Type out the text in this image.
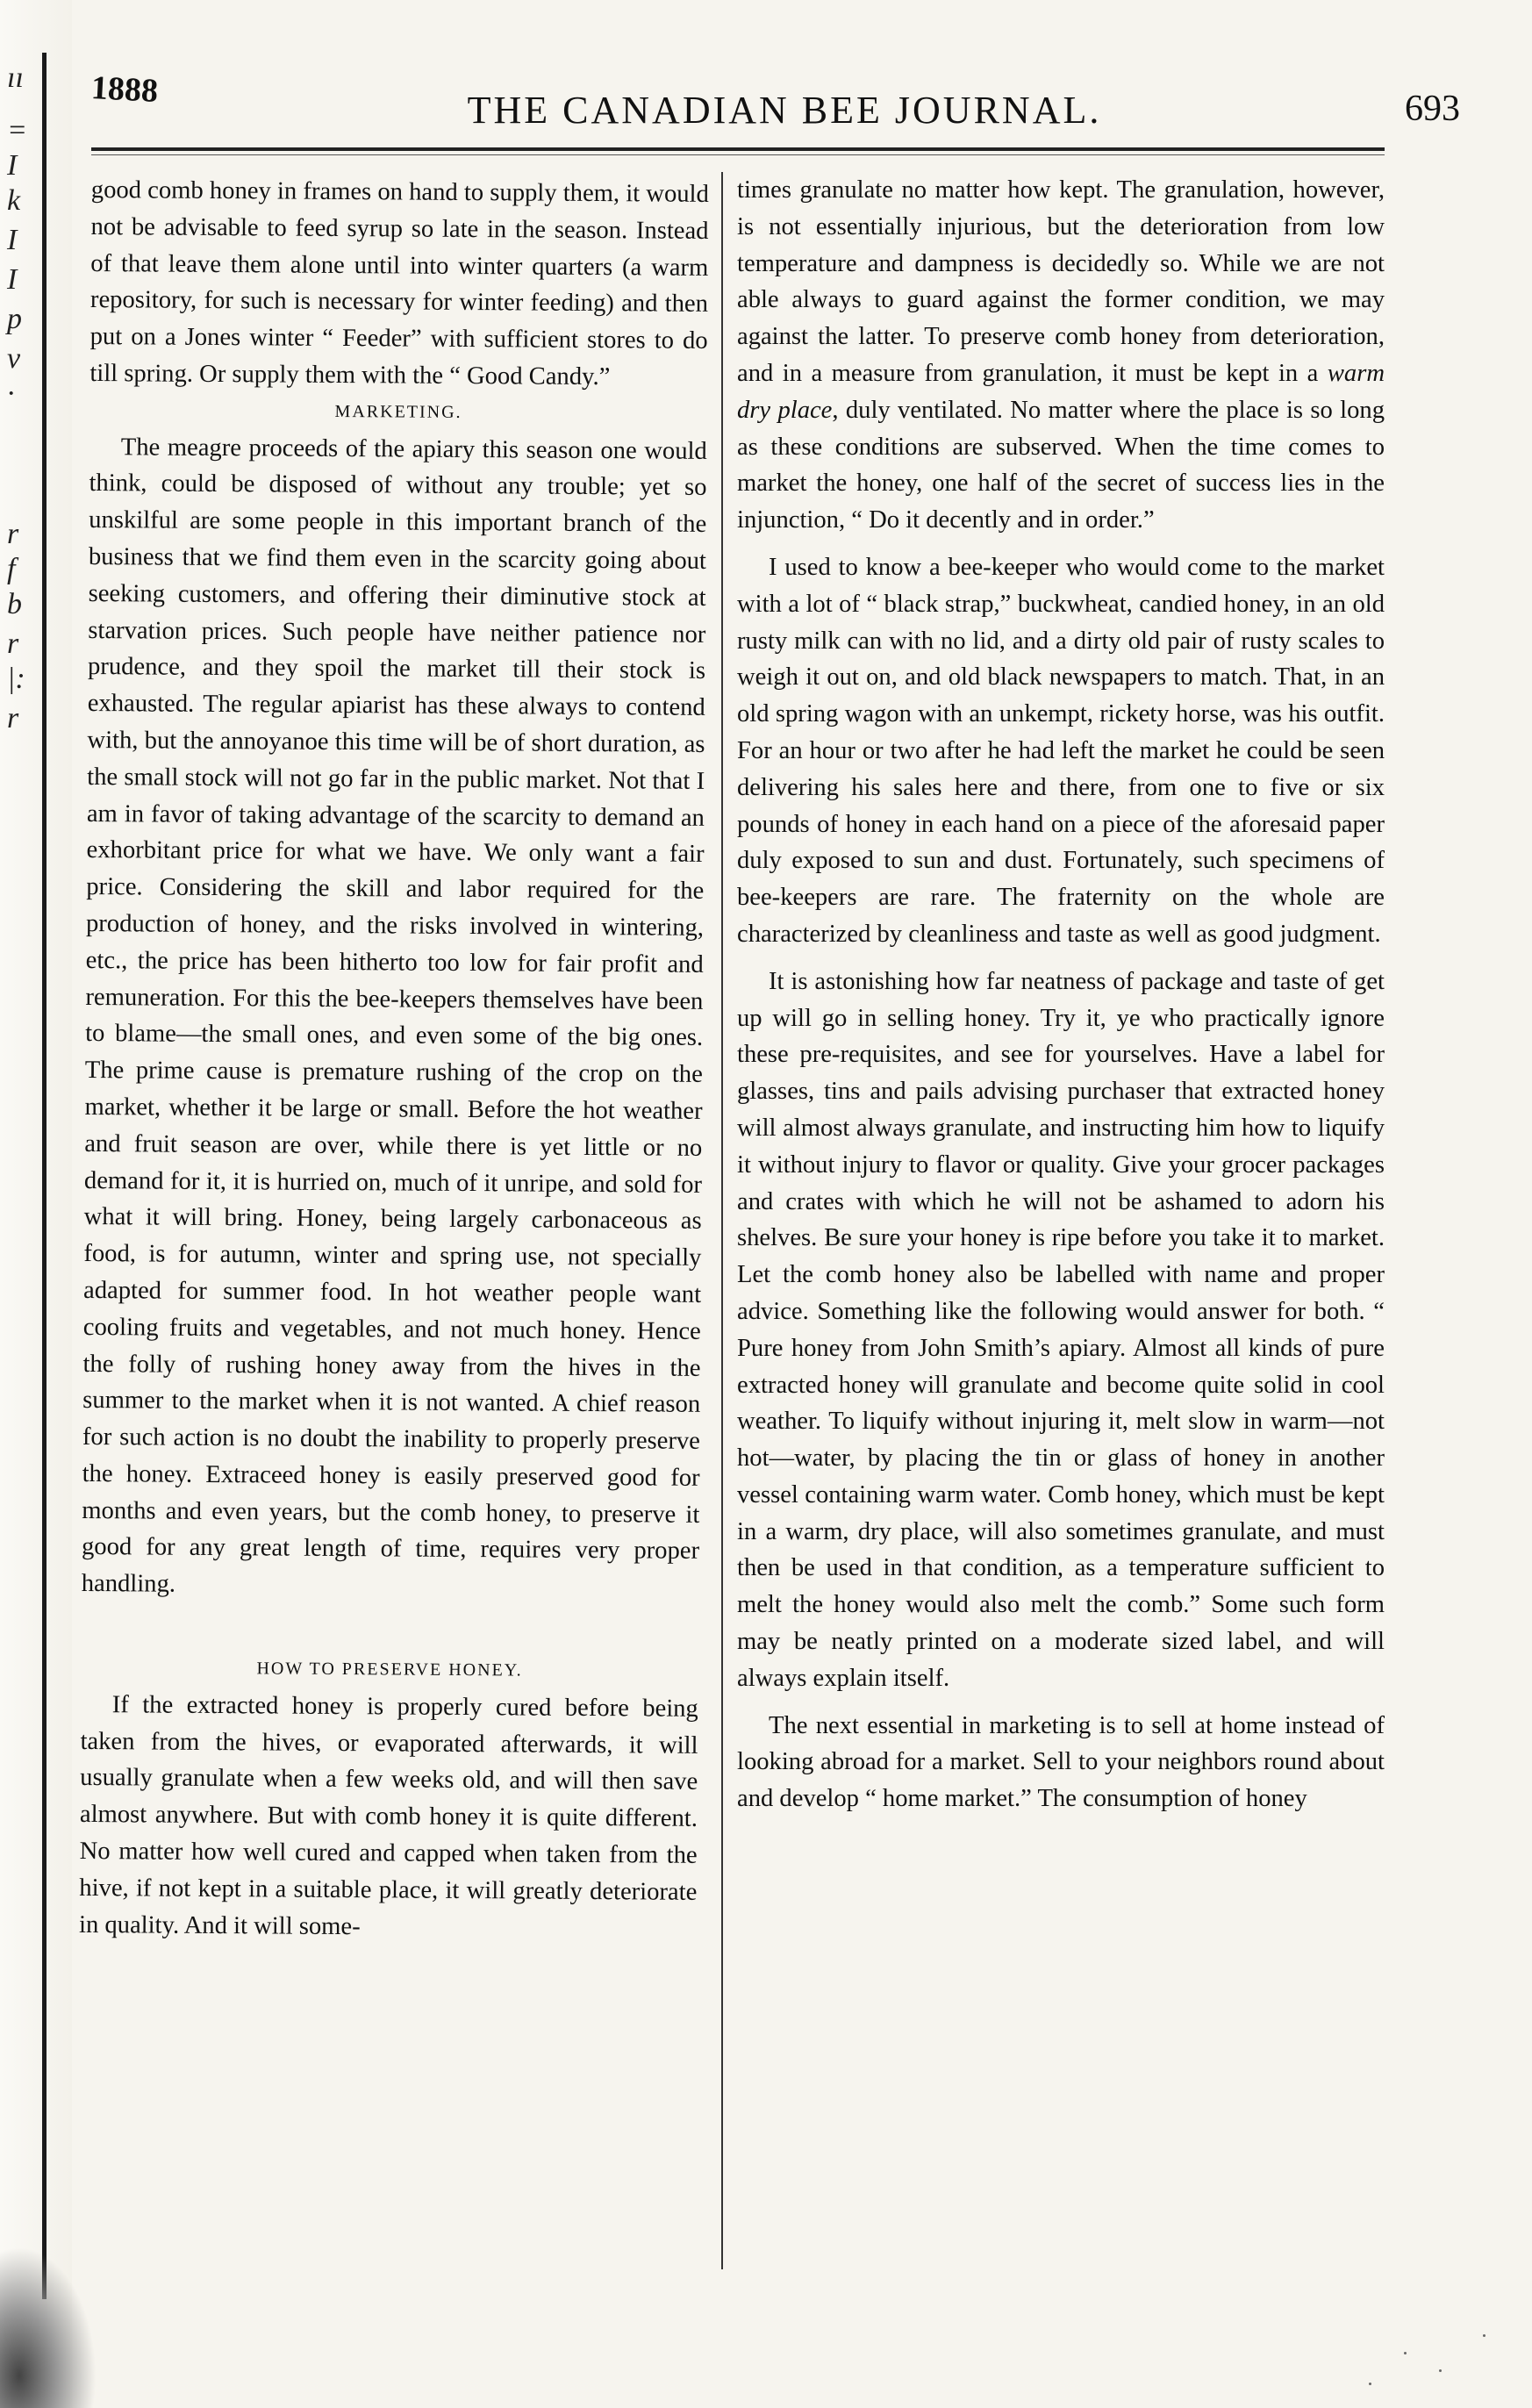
ıı
=
I
k
I
I
p
v
·
r
f
b
r
|:
r
1888	THE CANADIAN BEE JOURNAL.	693

good comb honey in frames on hand to supply them, it would not be advisable to feed syrup so late in the season. Instead of that leave them alone until into winter quarters (a warm repository, for such is necessary for winter feeding) and then put on a Jones winter “ Feeder” with sufficient stores to do till spring. Or supply them with the “ Good Candy.”

MARKETING.

The meagre proceeds of the apiary this season one would think, could be disposed of without any trouble; yet so unskilful are some people in this important branch of the business that we find them even in the scarcity going about seeking customers, and offering their diminutive stock at starvation prices. Such people have neither patience nor prudence, and they spoil the market till their stock is exhausted. The regular apiarist has these always to contend with, but the annoyanoe this time will be of short duration, as the small stock will not go far in the public market. Not that I am in favor of taking advantage of the scarcity to demand an exhorbitant price for what we have. We only want a fair price. Considering the skill and labor required for the production of honey, and the risks involved in wintering, etc., the price has been hitherto too low for fair profit and remuneration. For this the bee-keepers themselves have been to blame—the small ones, and even some of the big ones. The prime cause is premature rushing of the crop on the market, whether it be large or small. Before the hot weather and fruit season are over, while there is yet little or no demand for it, it is hurried on, much of it unripe, and sold for what it will bring. Honey, being largely carbonaceous as food, is for autumn, winter and spring use, not specially adapted for summer food. In hot weather people want cooling fruits and vegetables, and not much honey. Hence the folly of rushing honey away from the hives in the summer to the market when it is not wanted. A chief reason for such action is no doubt the inability to properly preserve the honey. Extraceed honey is easily preserved good for months and even years, but the comb honey, to preserve it good for any great length of time, requires very proper handling.

HOW TO PRESERVE HONEY.

If the extracted honey is properly cured before being taken from the hives, or evaporated afterwards, it will usually granulate when a few weeks old, and will then save almost anywhere. But with comb honey it is quite different. No matter how well cured and capped when taken from the hive, if not kept in a suitable place, it will greatly deteriorate in quality. And it will some-

times granulate no matter how kept. The granulation, however, is not essentially injurious, but the deterioration from low temperature and dampness is decidedly so. While we are not able always to guard against the former condition, we may against the latter. To preserve comb honey from deterioration, and in a measure from granulation, it must be kept in a warm dry place, duly ventilated. No matter where the place is so long as these conditions are subserved. When the time comes to market the honey, one half of the secret of success lies in the injunction, “ Do it decently and in order.”

I used to know a bee-keeper who would come to the market with a lot of “ black strap,” buckwheat, candied honey, in an old rusty milk can with no lid, and a dirty old pair of rusty scales to weigh it out on, and old black newspapers to match. That, in an old spring wagon with an unkempt, rickety horse, was his outfit. For an hour or two after he had left the market he could be seen delivering his sales here and there, from one to five or six pounds of honey in each hand on a piece of the aforesaid paper duly exposed to sun and dust. Fortunately, such specimens of bee-keepers are rare. The fraternity on the whole are characterized by cleanliness and taste as well as good judgment.

It is astonishing how far neatness of package and taste of get up will go in selling honey. Try it, ye who practically ignore these pre-requisites, and see for yourselves. Have a label for glasses, tins and pails advising purchaser that extracted honey will almost always granulate, and instructing him how to liquify it without injury to flavor or quality. Give your grocer packages and crates with which he will not be ashamed to adorn his shelves. Be sure your honey is ripe before you take it to market. Let the comb honey also be labelled with name and proper advice. Something like the following would answer for both. “ Pure honey from John Smith’s apiary. Almost all kinds of pure extracted honey will granulate and become quite solid in cool weather. To liquify without injuring it, melt slow in warm—not hot—water, by placing the tin or glass of honey in another vessel containing warm water. Comb honey, which must be kept in a warm, dry place, will also sometimes granulate, and must then be used in that condition, as a temperature sufficient to melt the honey would also melt the comb.” Some such form may be neatly printed on a moderate sized label, and will always explain itself.

The next essential in marketing is to sell at home instead of looking abroad for a market. Sell to your neighbors round about and develop “ home market.” The consumption of honey
